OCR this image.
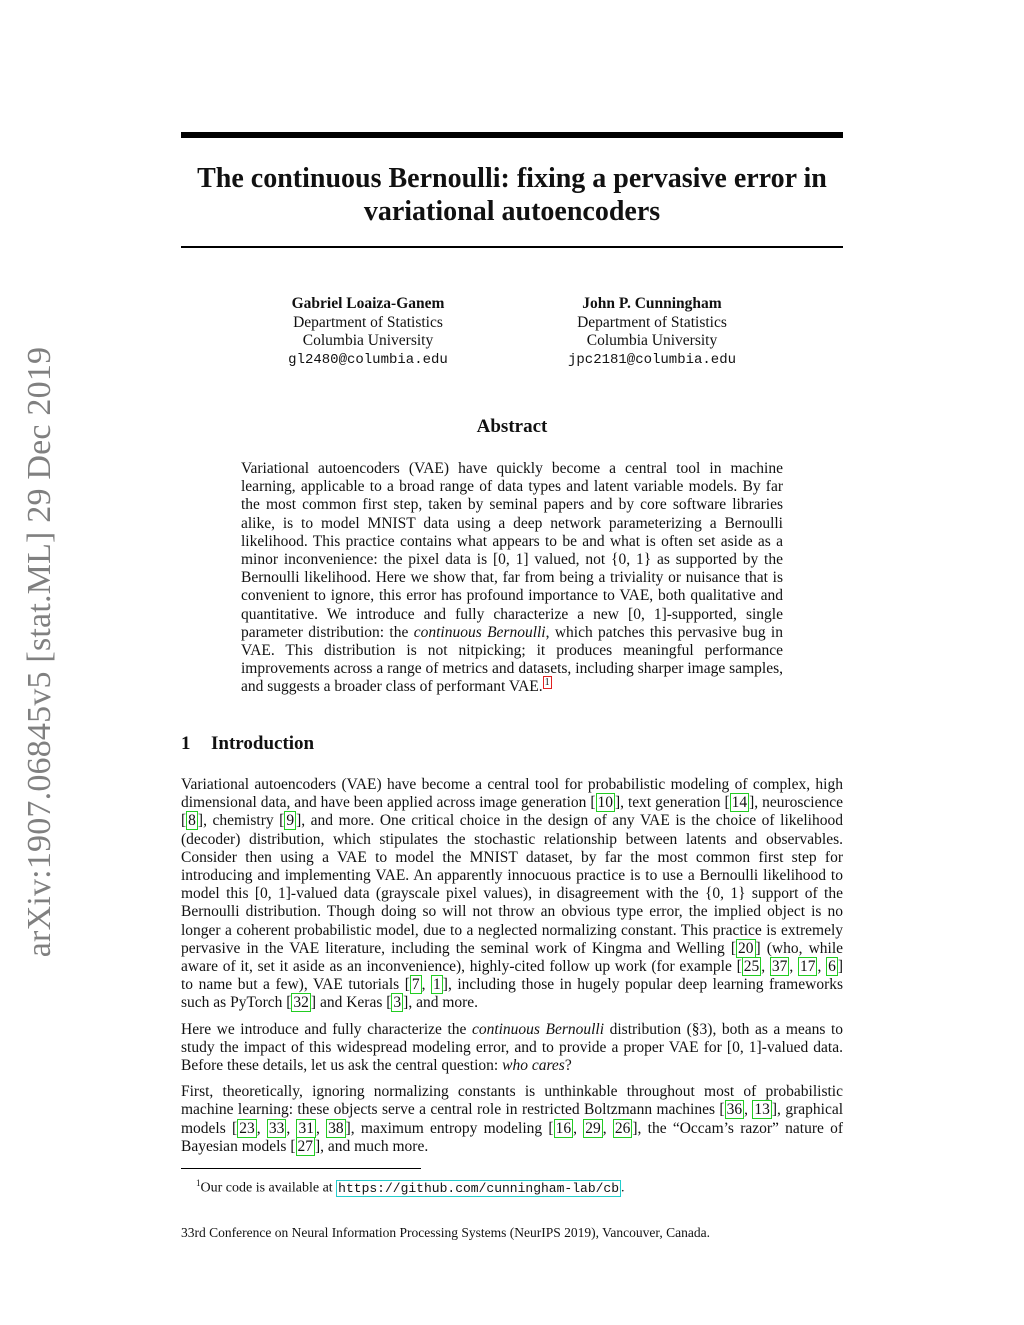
arXiv:1907.06845v5 [stat.ML] 29 Dec 2019
The continuous Bernoulli: fixing a pervasive error in variational autoencoders
Gabriel Loaiza-Ganem
Department of Statistics
Columbia University
gl2480@columbia.edu
John P. Cunningham
Department of Statistics
Columbia University
jpc2181@columbia.edu
Abstract
Variational autoencoders (VAE) have quickly become a central tool in machine learning, applicable to a broad range of data types and latent variable models. By far the most common first step, taken by seminal papers and by core software libraries alike, is to model MNIST data using a deep network parameterizing a Bernoulli likelihood. This practice contains what appears to be and what is often set aside as a minor inconvenience: the pixel data is [0, 1] valued, not {0, 1} as supported by the Bernoulli likelihood. Here we show that, far from being a triviality or nuisance that is convenient to ignore, this error has profound importance to VAE, both qualitative and quantitative. We introduce and fully characterize a new [0, 1]-supported, single parameter distribution: the continuous Bernoulli, which patches this pervasive bug in VAE. This distribution is not nitpicking; it produces meaningful performance improvements across a range of metrics and datasets, including sharper image samples, and suggests a broader class of performant VAE. $^1$
1 Introduction

Variational autoencoders (VAE) have become a central tool for probabilistic modeling of complex, high dimensional data, and have been applied across image generation [ 10 ], text generation [ 14 ], neuroscience [ 8 ], chemistry [ 9 ], and more. One critical choice in the design of any VAE is the choice of likelihood (decoder) distribution, which stipulates the stochastic relationship between latents and observables. Consider then using a VAE to model the MNIST dataset, by far the most common first step for introducing and implementing VAE. An apparently innocuous practice is to use a Bernoulli likelihood to model this [0, 1]-valued data (grayscale pixel values), in disagreement with the {0, 1} support of the Bernoulli distribution. Though doing so will not throw an obvious type error, the implied object is no longer a coherent probabilistic model, due to a neglected normalizing constant. This practice is extremely pervasive in the VAE literature, including the seminal work of Kingma and Welling [ 20 ] (who, while aware of it, set it aside as an inconvenience), highly-cited follow up work (for example [ 25 , 37 , 17 , 6 ] to name but a few), VAE tutorials [ 7 , 1 ], including those in hugely popular deep learning frameworks such as PyTorch [ 32 ] and Keras [ 3 ], and more.

Here we introduce and fully characterize the continuous Bernoulli distribution (§3), both as a means to study the impact of this widespread modeling error, and to provide a proper VAE for [0, 1]-valued data. Before these details, let us ask the central question: who cares?

First, theoretically, ignoring normalizing constants is unthinkable throughout most of probabilistic machine learning: these objects serve a central role in restricted Boltzmann machines [ 36 , 13 ], graphical models [ 23 , 33 , 31 , 38 ], maximum entropy modeling [ 16 , 29 , 26 ], the “Occam’s razor” nature of Bayesian models [ 27 ], and much more.

$^1$Our code is available at https://github.com/cunningham-lab/cb .
33rd Conference on Neural Information Processing Systems (NeurIPS 2019), Vancouver, Canada.
